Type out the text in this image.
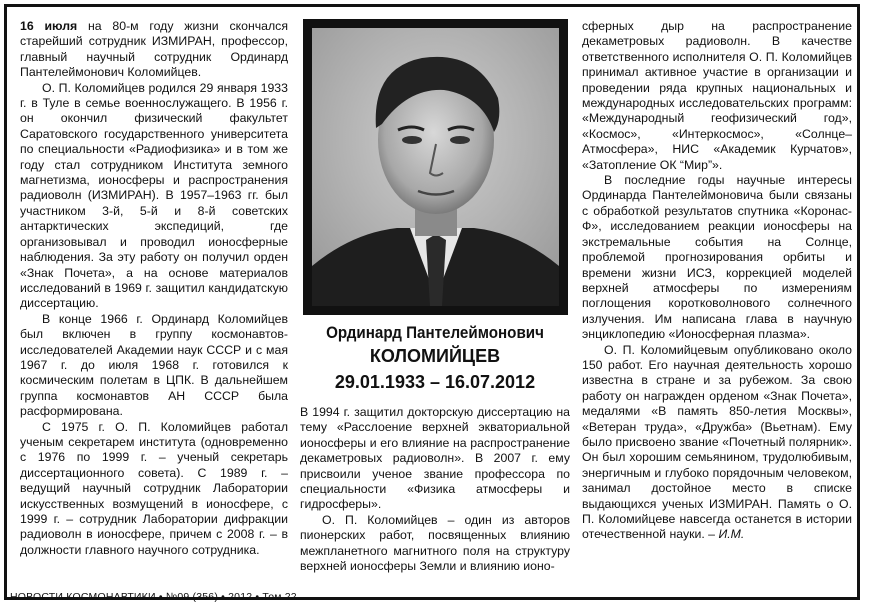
16 июля на 80-м году жизни скончался старейший сотрудник ИЗМИРАН, профессор, главный научный сотрудник Ординард Пантелеймонович Коломийцев.

О. П. Коломийцев родился 29 января 1933 г. в Туле в семье военнослужащего. В 1956 г. он окончил физический факультет Саратовского государственного университета по специальности «Радиофизика» и в том же году стал сотрудником Института земного магнетизма, ионосферы и распространения радиоволн (ИЗМИРАН). В 1957–1963 гг. был участником 3-й, 5-й и 8-й советских антарктических экспедиций, где организовывал и проводил ионосферные наблюдения. За эту работу он получил орден «Знак Почета», а на основе материалов исследований в 1969 г. защитил кандидатскую диссертацию.

В конце 1966 г. Ординард Коломийцев был включен в группу космонавтов-исследователей Академии наук СССР и с мая 1967 г. до июля 1968 г. готовился к космическим полетам в ЦПК. В дальнейшем группа космонавтов АН СССР была расформирована.

С 1975 г. О. П. Коломийцев работал ученым секретарем института (одновременно с 1976 по 1999 г. – ученый секретарь диссертационного совета). С 1989 г. – ведущий научный сотрудник Лаборатории искусственных возмущений в ионосфере, с 1999 г. – сотрудник Лаборатории дифракции радиоволн в ионосфере, причем с 2008 г. – в должности главного научного сотрудника.

Ординард Пантелеймонович
КОЛОМИЙЦЕВ
29.01.1933 – 16.07.2012

В 1994 г. защитил докторскую диссертацию на тему «Расслоение верхней экваториальной ионосферы и его влияние на распространение декаметровых радиоволн». В 2007 г. ему присвоили ученое звание профессора по специальности «Физика атмосферы и гидросферы».

О. П. Коломийцев – один из авторов пионерских работ, посвященных влиянию межпланетного магнитного поля на структуру верхней ионосферы Земли и влиянию ионо-

сферных дыр на распространение декаметровых радиоволн. В качестве ответственного исполнителя О. П. Коломийцев принимал активное участие в организации и проведении ряда крупных национальных и международных исследовательских программ: «Международный геофизический год», «Космос», «Интеркосмос», «Солнце–Атмосфера», НИС «Академик Курчатов», «Затопление ОК “Мир”».

В последние годы научные интересы Ординарда Пантелеймоновича были связаны с обработкой результатов спутника «Коронас-Ф», исследованием реакции ионосферы на экстремальные события на Солнце, проблемой прогнозирования орбиты и времени жизни ИСЗ, коррекцией моделей верхней атмосферы по измерениям поглощения коротковолнового солнечного излучения. Им написана глава в научную энциклопедию «Ионосферная плазма».

О. П. Коломийцевым опубликовано около 150 работ. Его научная деятельность хорошо известна в стране и за рубежом. За свою работу он награжден орденом «Знак Почета», медалями «В память 850-летия Москвы», «Ветеран труда», «Дружба» (Вьетнам). Ему было присвоено звание «Почетный полярник». Он был хорошим семьянином, трудолюбивым, энергичным и глубоко порядочным человеком, занимал достойное место в списке выдающихся ученых ИЗМИРАН. Память о О. П. Коломийцеве навсегда останется в истории отечественной науки. – И.М.

НОВОСТИ КОСМОНАВТИКИ • №09 (356) • 2012 • Том 22
